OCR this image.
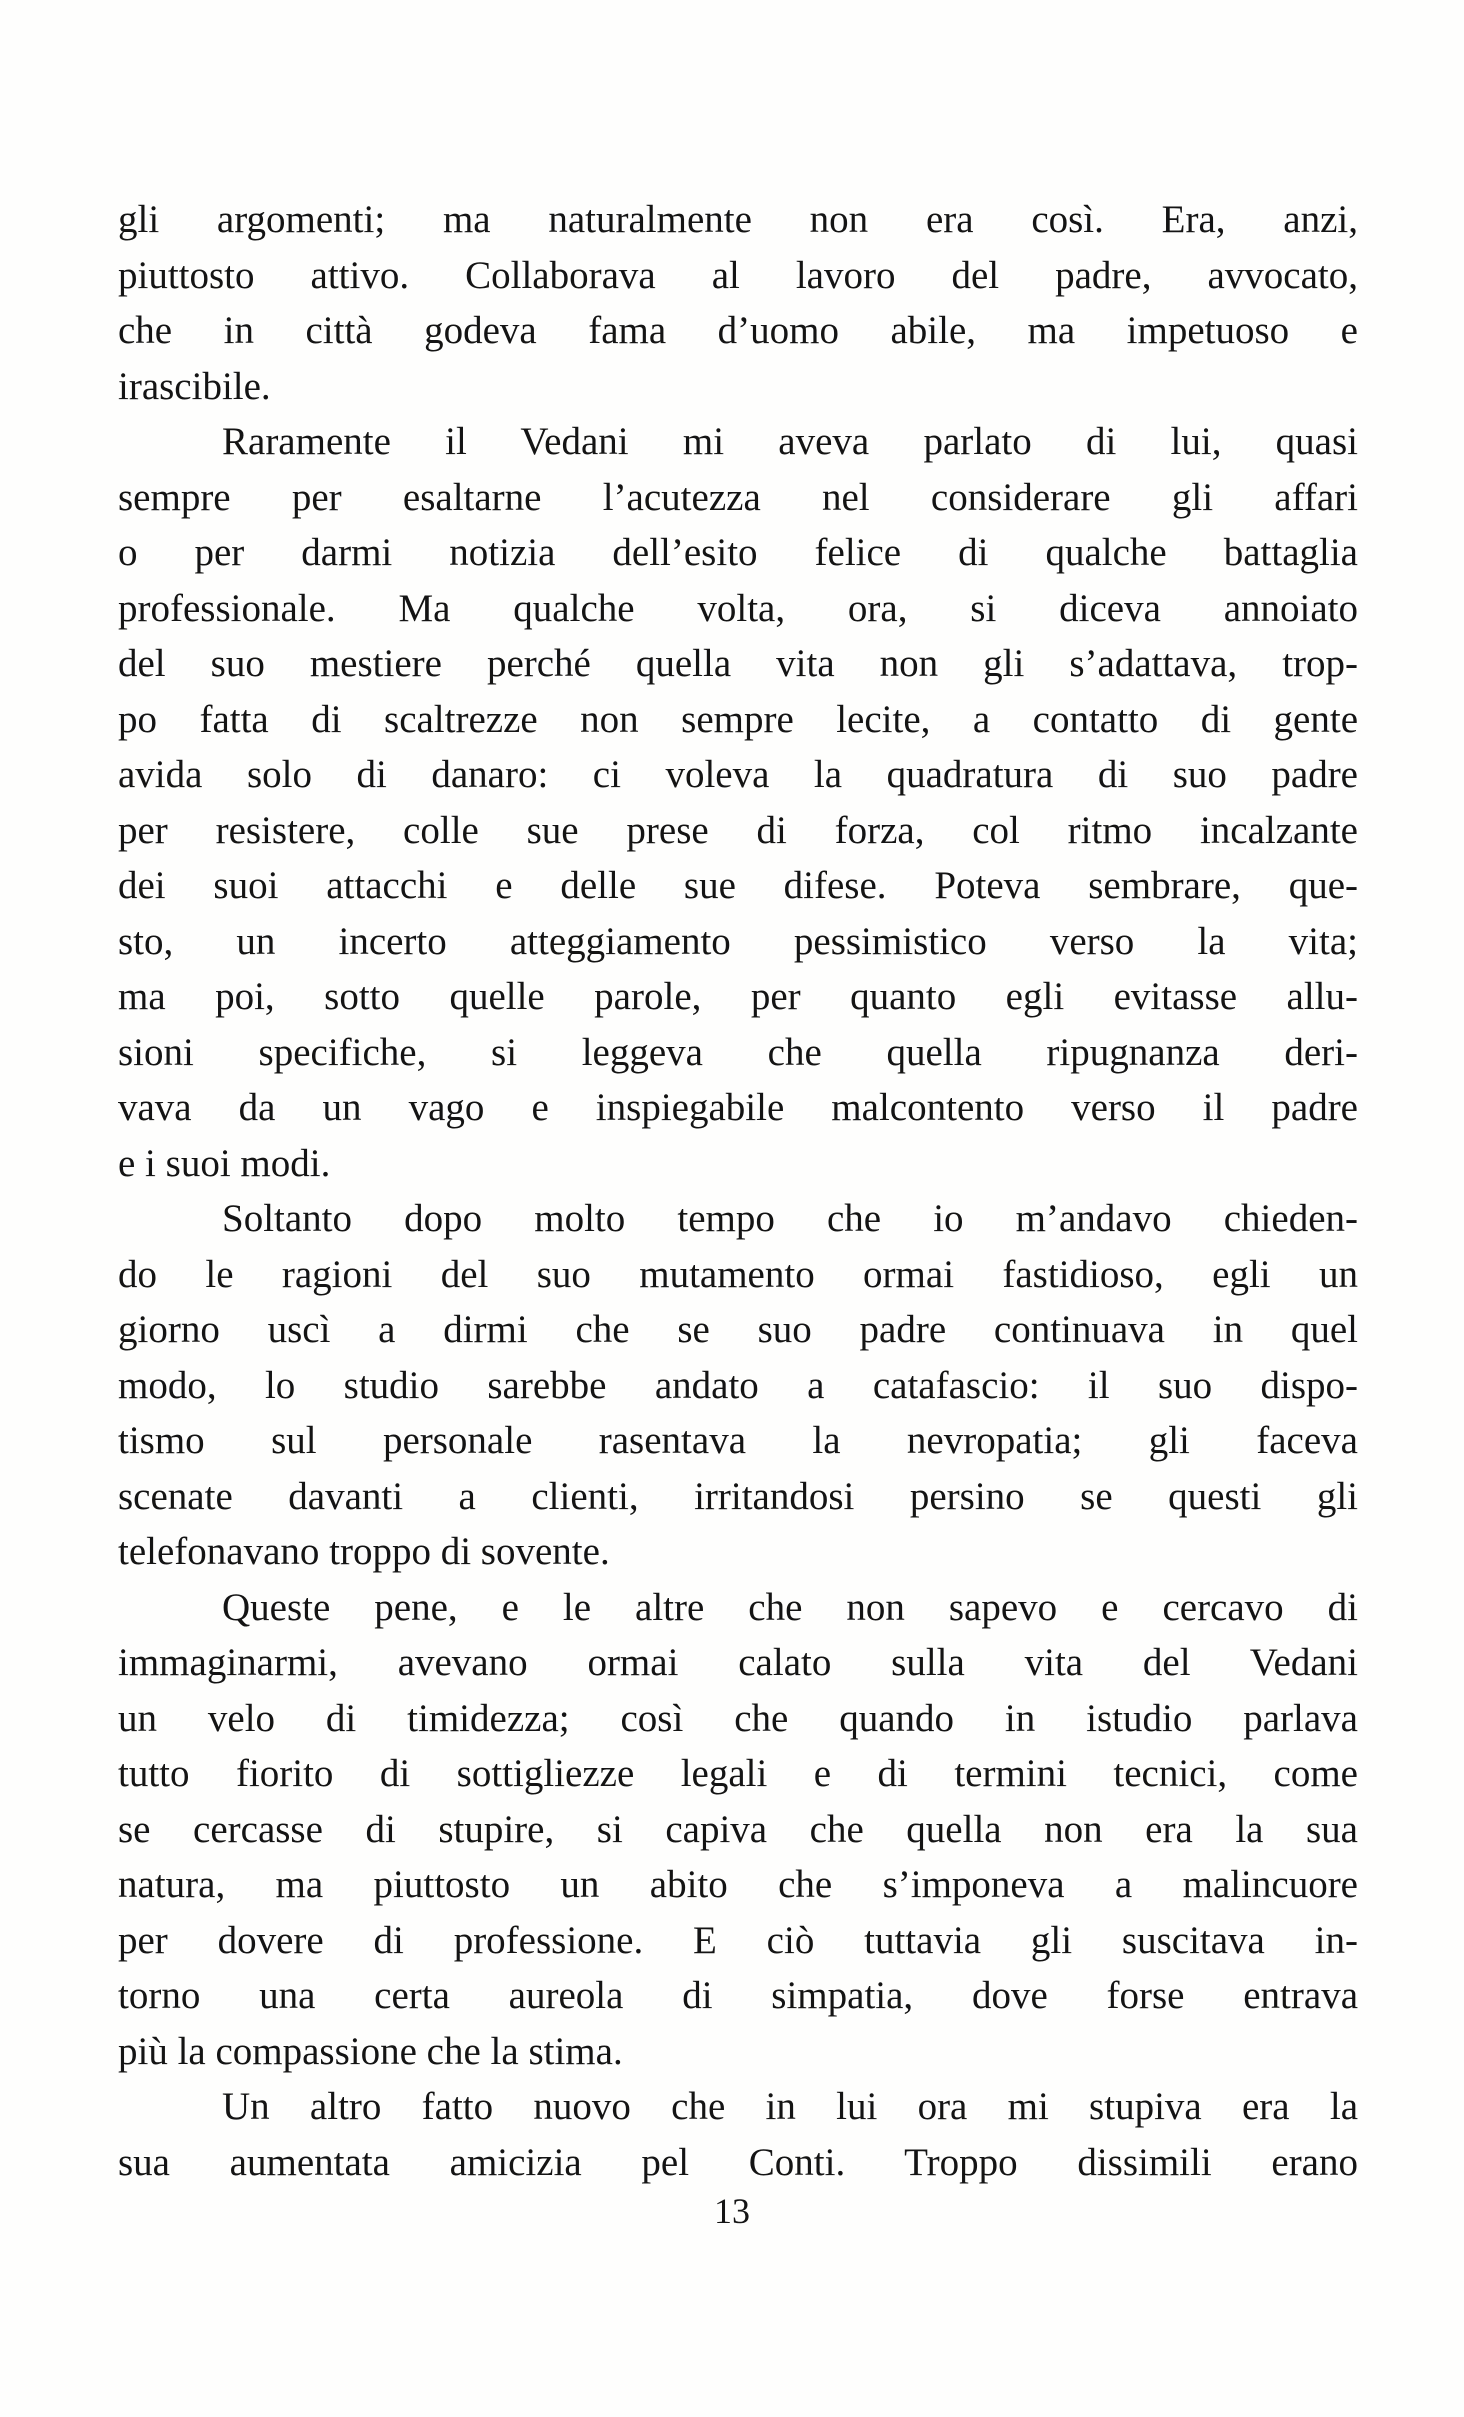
gli argomenti; ma naturalmente non era così. Era, anzi,
piuttosto attivo. Collaborava al lavoro del padre, avvocato,
che in città godeva fama d’uomo abile, ma impetuoso e
irascibile.
Raramente il Vedani mi aveva parlato di lui, quasi
sempre per esaltarne l’acutezza nel considerare gli affari
o per darmi notizia dell’esito felice di qualche battaglia
professionale. Ma qualche volta, ora, si diceva annoiato
del suo mestiere perché quella vita non gli s’adattava, trop-
po fatta di scaltrezze non sempre lecite, a contatto di gente
avida solo di danaro: ci voleva la quadratura di suo padre
per resistere, colle sue prese di forza, col ritmo incalzante
dei suoi attacchi e delle sue difese. Poteva sembrare, que-
sto, un incerto atteggiamento pessimistico verso la vita;
ma poi, sotto quelle parole, per quanto egli evitasse allu-
sioni specifiche, si leggeva che quella ripugnanza deri-
vava da un vago e inspiegabile malcontento verso il padre
e i suoi modi.
Soltanto dopo molto tempo che io m’andavo chieden-
do le ragioni del suo mutamento ormai fastidioso, egli un
giorno uscì a dirmi che se suo padre continuava in quel
modo, lo studio sarebbe andato a catafascio: il suo dispo-
tismo sul personale rasentava la nevropatia; gli faceva
scenate davanti a clienti, irritandosi persino se questi gli
telefonavano troppo di sovente.
Queste pene, e le altre che non sapevo e cercavo di
immaginarmi, avevano ormai calato sulla vita del Vedani
un velo di timidezza; così che quando in istudio parlava
tutto fiorito di sottigliezze legali e di termini tecnici, come
se cercasse di stupire, si capiva che quella non era la sua
natura, ma piuttosto un abito che s’imponeva a malincuore
per dovere di professione. E ciò tuttavia gli suscitava in-
torno una certa aureola di simpatia, dove forse entrava
più la compassione che la stima.
Un altro fatto nuovo che in lui ora mi stupiva era la
sua aumentata amicizia pel Conti. Troppo dissimili erano
13
